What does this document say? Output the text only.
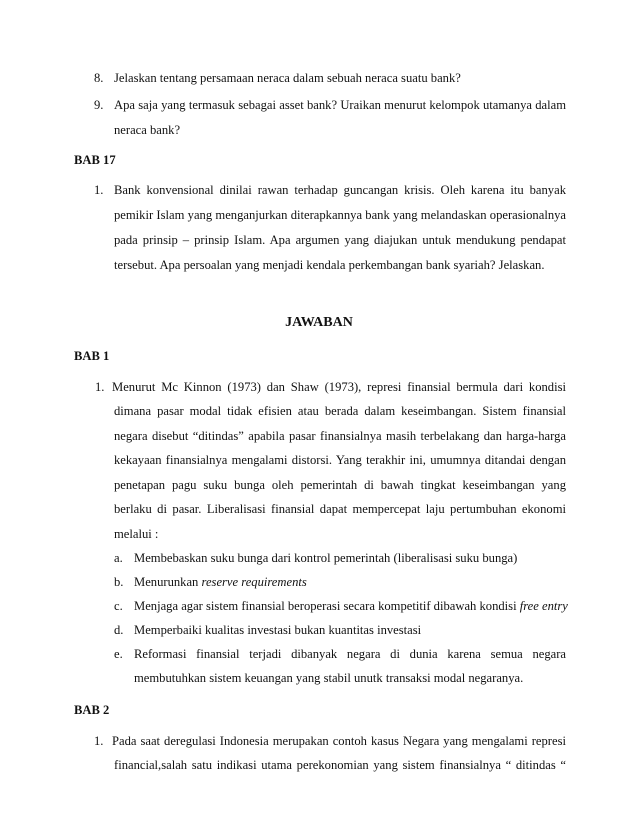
8. Jelaskan tentang persamaan neraca dalam sebuah neraca suatu bank?
9. Apa saja yang termasuk sebagai asset bank? Uraikan menurut kelompok utamanya dalam
neraca bank?
BAB 17
1. Bank konvensional dinilai rawan terhadap guncangan krisis. Oleh karena itu banyak
pemikir Islam yang menganjurkan diterapkannya bank yang melandaskan operasionalnya
pada prinsip – prinsip Islam. Apa argumen yang diajukan untuk mendukung pendapat
tersebut. Apa persoalan yang menjadi kendala perkembangan bank syariah? Jelaskan.
JAWABAN
BAB 1
1. Menurut Mc Kinnon (1973) dan Shaw (1973), represi finansial bermula dari kondisi
dimana pasar modal tidak efisien atau berada dalam keseimbangan. Sistem finansial
negara disebut “ditindas” apabila pasar finansialnya masih terbelakang dan harga-harga
kekayaan finansialnya mengalami distorsi. Yang terakhir ini, umumnya ditandai dengan
penetapan pagu suku bunga oleh pemerintah di bawah tingkat keseimbangan yang
berlaku di pasar. Liberalisasi finansial dapat mempercepat laju pertumbuhan ekonomi
melalui :
a. Membebaskan suku bunga dari kontrol pemerintah (liberalisasi suku bunga)
b. Menurunkan reserve requirements
c. Menjaga agar sistem finansial beroperasi secara kompetitif dibawah kondisi free entry
d. Memperbaiki kualitas investasi bukan kuantitas investasi
e. Reformasi finansial terjadi dibanyak negara di dunia karena semua negara
membutuhkan sistem keuangan yang stabil unutk transaksi modal negaranya.
BAB 2
1. Pada saat deregulasi Indonesia merupakan contoh kasus Negara yang mengalami represi
financial,salah satu indikasi utama perekonomian yang sistem finansialnya “ ditindas “
